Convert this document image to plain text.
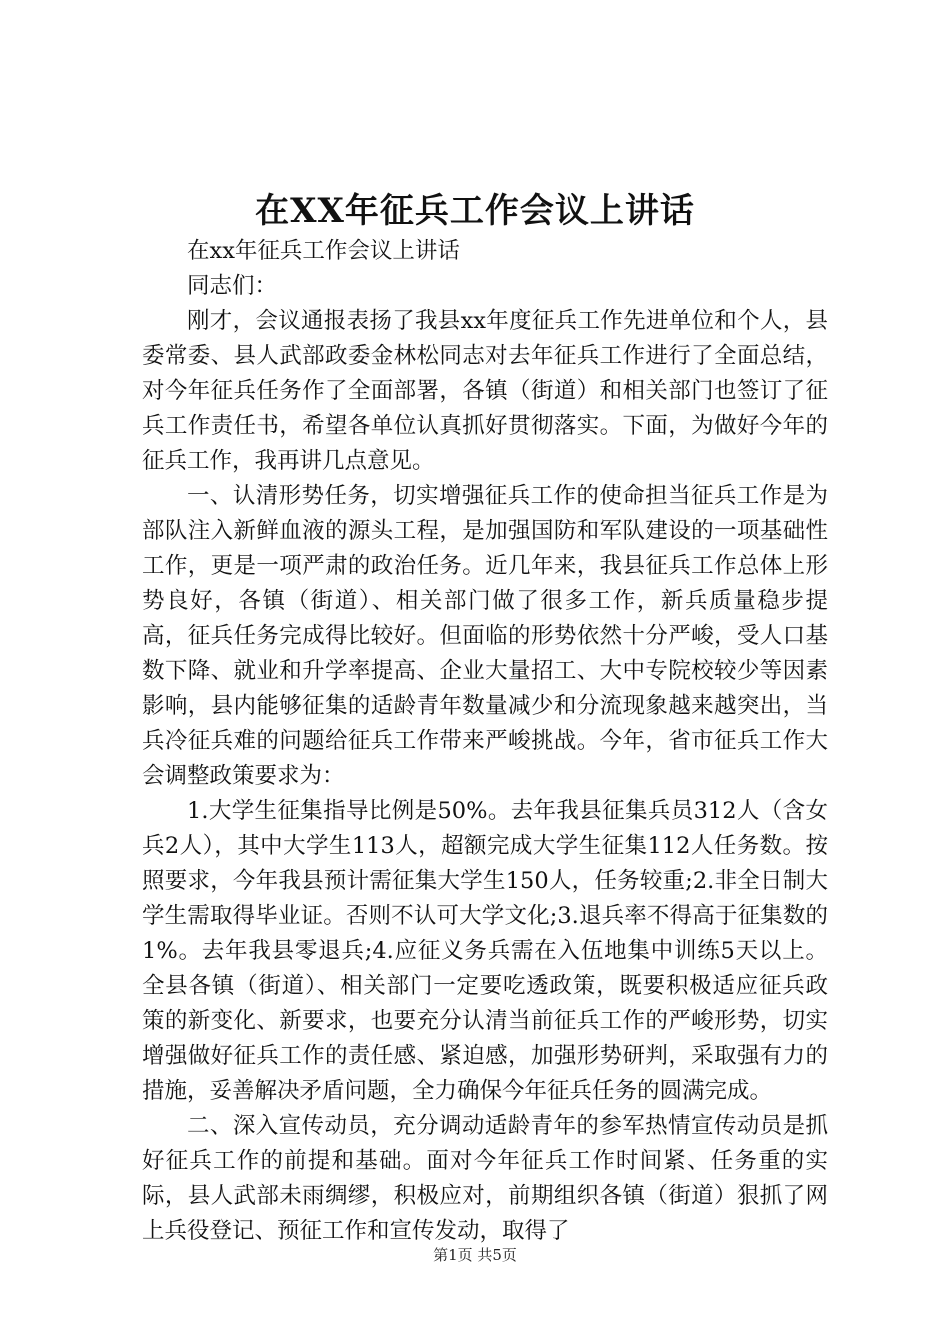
在XX年征兵工作会议上讲话

在xx年征兵工作会议上讲话

同志们：

刚才，会议通报表扬了我县xx年度征兵工作先进单位和个人，县委常委、县人武部政委金林松同志对去年征兵工作进行了全面总结，对今年征兵任务作了全面部署，各镇（街道）和相关部门也签订了征兵工作责任书，希望各单位认真抓好贯彻落实。下面，为做好今年的征兵工作，我再讲几点意见。

一、认清形势任务，切实增强征兵工作的使命担当征兵工作是为部队注入新鲜血液的源头工程，是加强国防和军队建设的一项基础性工作，更是一项严肃的政治任务。近几年来，我县征兵工作总体上形势良好，各镇（街道）、相关部门做了很多工作，新兵质量稳步提高，征兵任务完成得比较好。但面临的形势依然十分严峻，受人口基数下降、就业和升学率提高、企业大量招工、大中专院校较少等因素影响，县内能够征集的适龄青年数量减少和分流现象越来越突出，当兵冷征兵难的问题给征兵工作带来严峻挑战。今年，省市征兵工作大会调整政策要求为：

1.大学生征集指导比例是50%。去年我县征集兵员312人（含女兵2人），其中大学生113人，超额完成大学生征集112人任务数。按照要求，今年我县预计需征集大学生150人，任务较重;2.非全日制大学生需取得毕业证。否则不认可大学文化;3.退兵率不得高于征集数的1%。去年我县零退兵;4.应征义务兵需在入伍地集中训练5天以上。全县各镇（街道）、相关部门一定要吃透政策，既要积极适应征兵政策的新变化、新要求，也要充分认清当前征兵工作的严峻形势，切实增强做好征兵工作的责任感、紧迫感，加强形势研判，采取强有力的措施，妥善解决矛盾问题，全力确保今年征兵任务的圆满完成。

二、深入宣传动员，充分调动适龄青年的参军热情宣传动员是抓好征兵工作的前提和基础。面对今年征兵工作时间紧、任务重的实际，县人武部未雨绸缪，积极应对，前期组织各镇（街道）狠抓了网上兵役登记、预征工作和宣传发动，取得了

第1页 共5页
